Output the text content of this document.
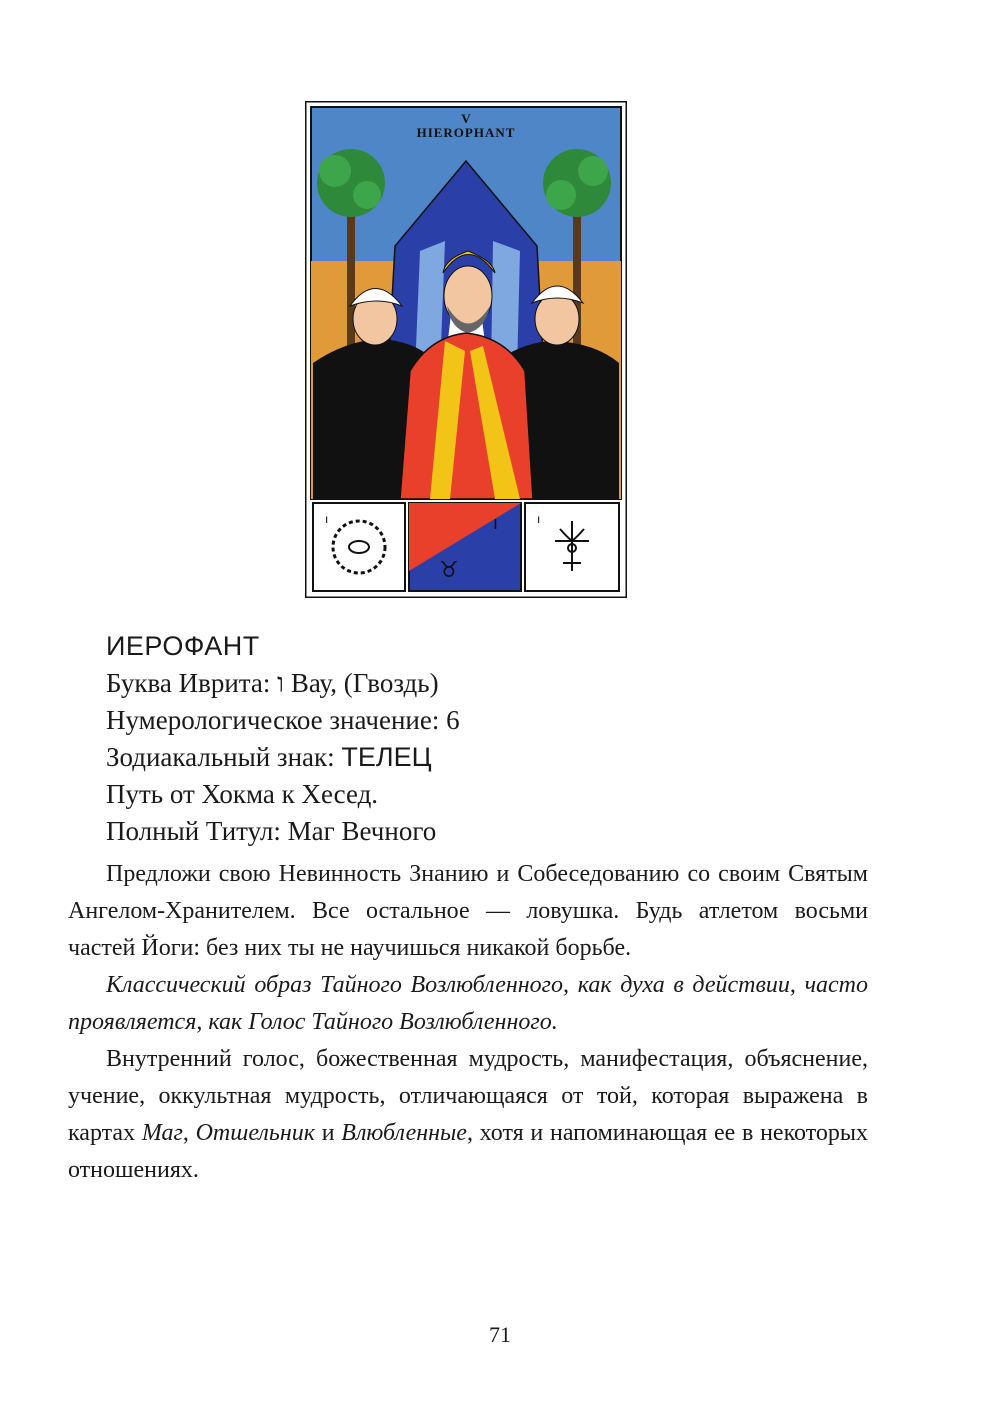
V
HIEROPHANT
ו	ו
♉
ו
ИЕРОФАНТ
Буква Иврита: ו Вау, (Гвоздь)
Нумерологическое значение: 6
Зодиакальный знак: ТЕЛЕЦ
Путь от Хокма к Хесед.
Полный Титул: Маг Вечного

Предложи свою Невинность Знанию и Собеседованию со своим Святым Ангелом-Хранителем. Все остальное — ловушка. Будь атлетом восьми частей Йоги: без них ты не научишься никакой борьбе.

Классический образ Тайного Возлюбленного, как духа в действии, часто проявляется, как Голос Тайного Возлюбленного.

Внутренний голос, божественная мудрость, манифестация, объяснение, учение, оккультная мудрость, отличающаяся от той, которая выражена в картах Маг, Отшельник и Влюбленные, хотя и напоминающая ее в некоторых отношениях.

71
